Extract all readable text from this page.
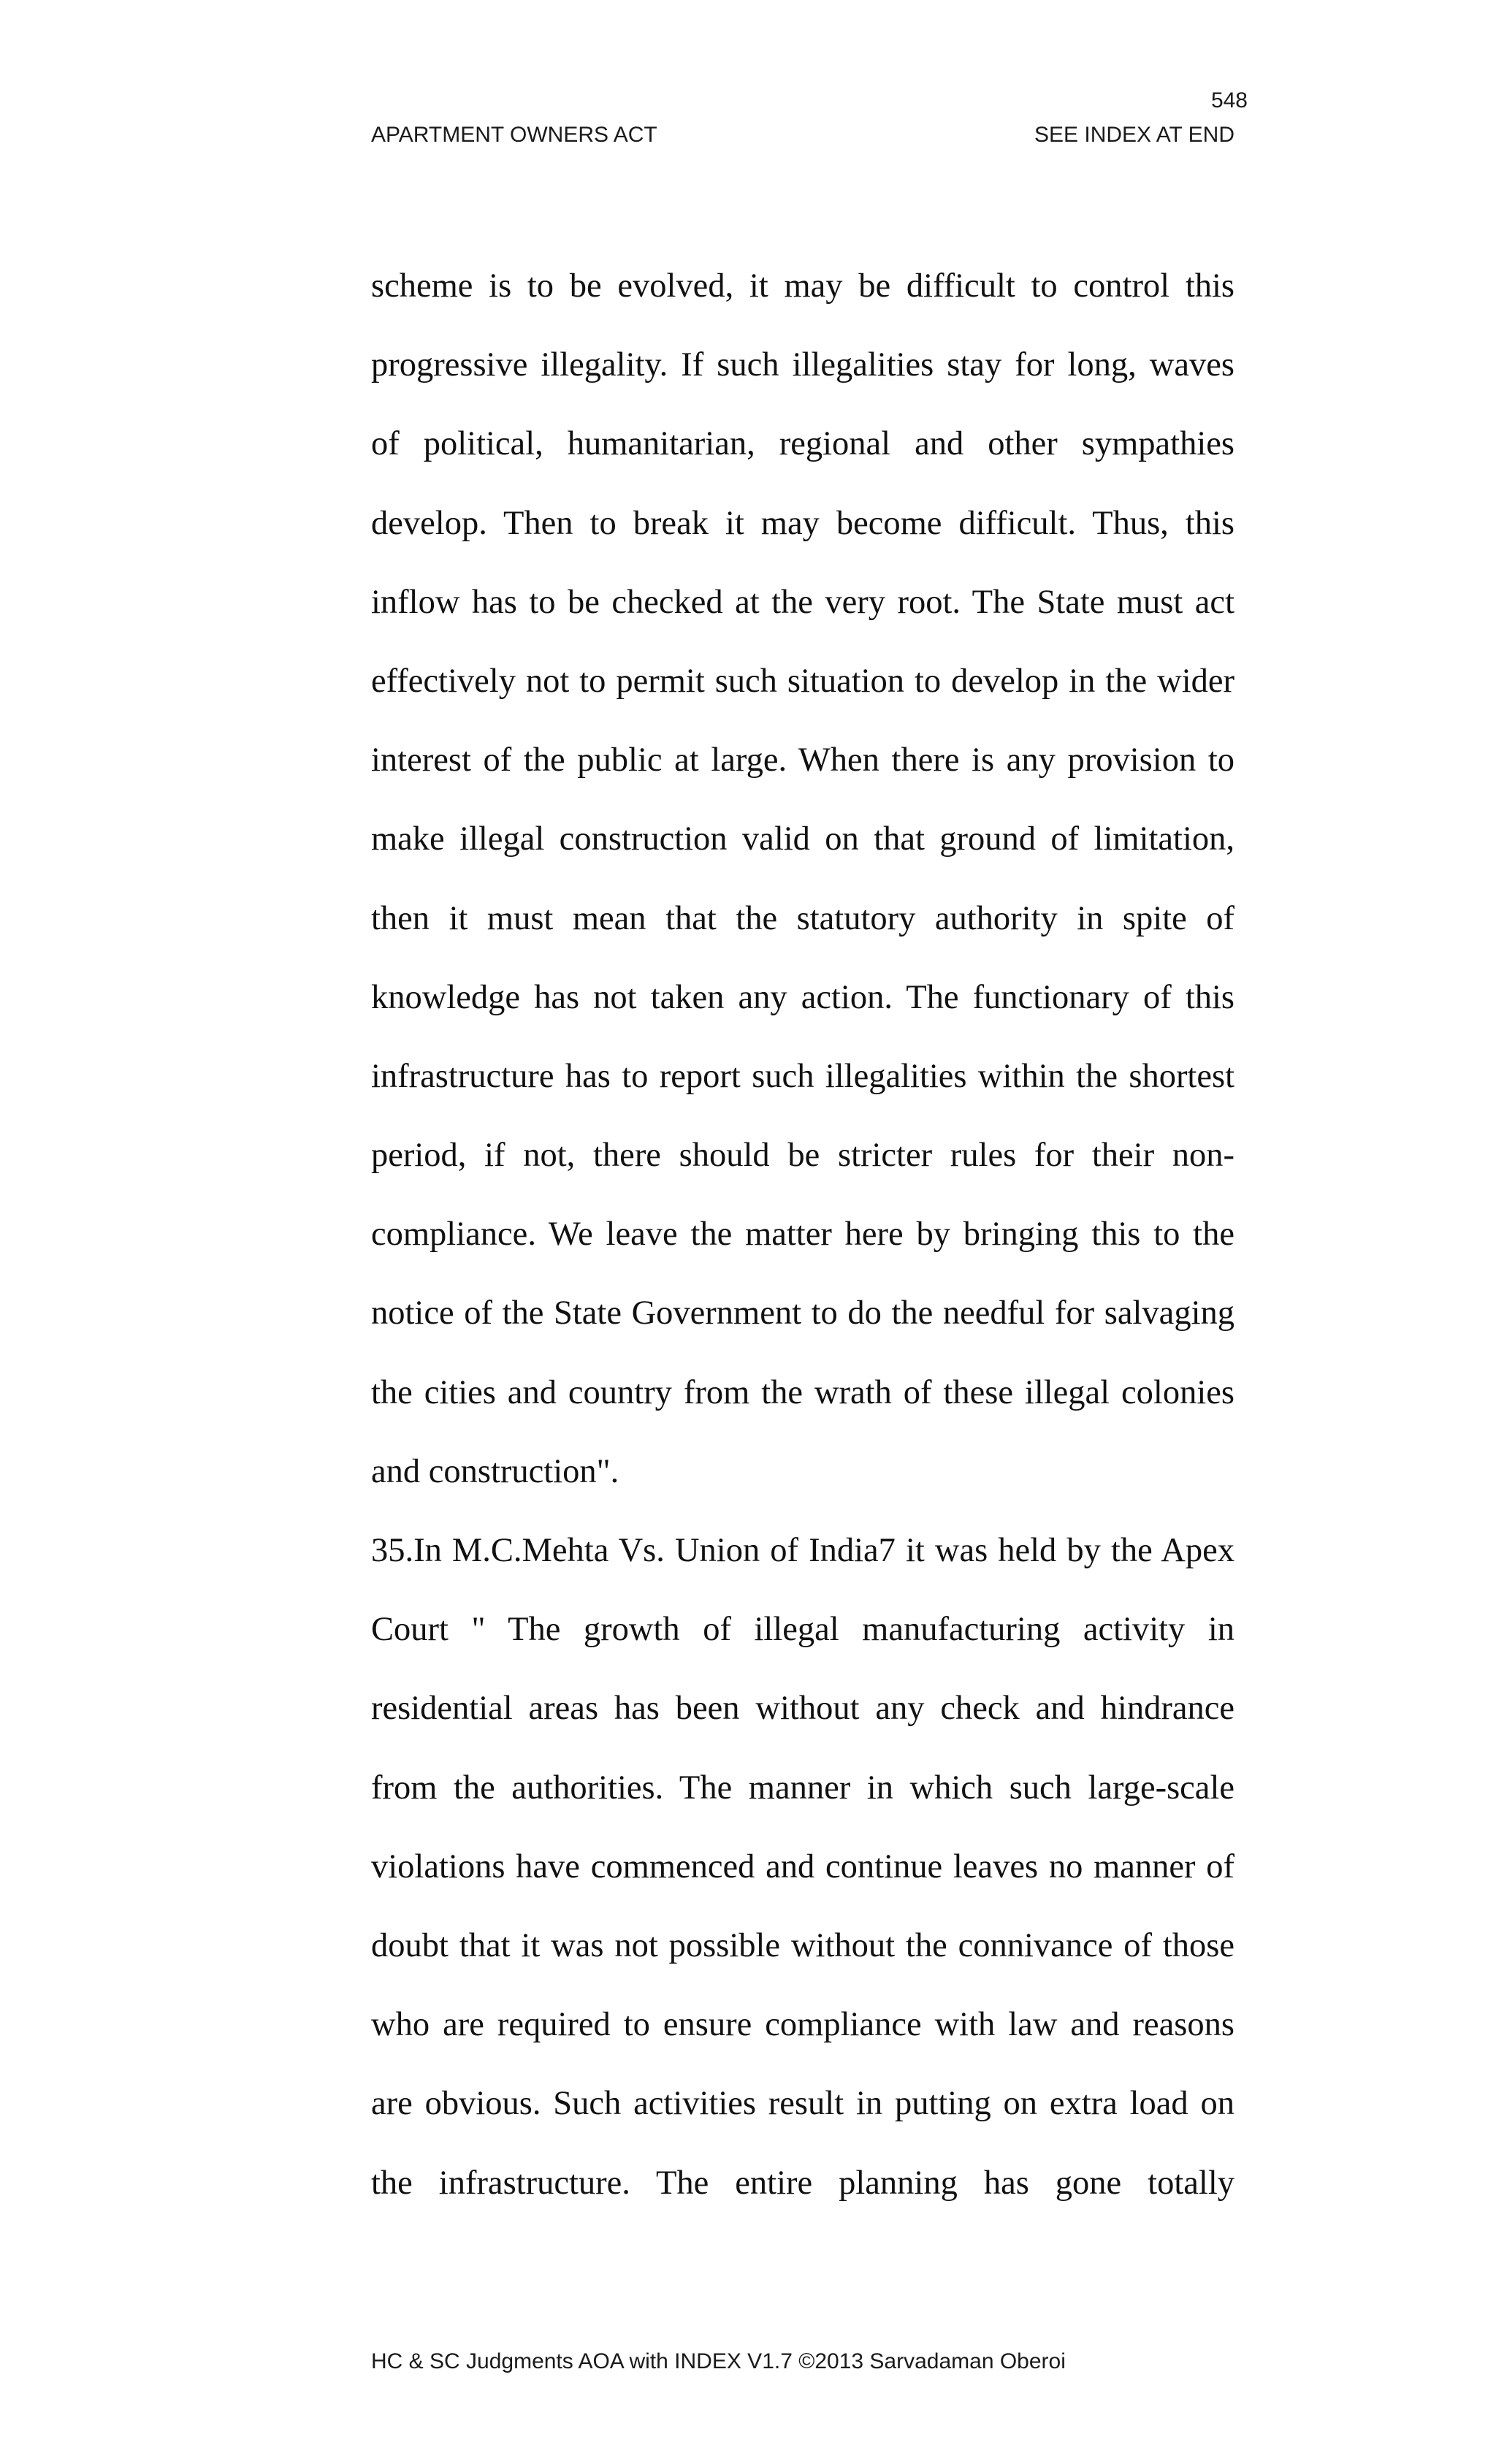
548
APARTMENT OWNERS ACT	SEE INDEX AT END
scheme is to be evolved, it may be difficult to control this
progressive illegality. If such illegalities stay for long, waves
of political, humanitarian, regional and other sympathies
develop. Then to break it may become difficult. Thus, this
inflow has to be checked at the very root. The State must act
effectively not to permit such situation to develop in the wider
interest of the public at large. When there is any provision to
make illegal construction valid on that ground of limitation,
then it must mean that the statutory authority in spite of
knowledge has not taken any action. The functionary of this
infrastructure has to report such illegalities within the shortest
period, if not, there should be stricter rules for their non-
compliance. We leave the matter here by bringing this to the
notice of the State Government to do the needful for salvaging
the cities and country from the wrath of these illegal colonies
and construction".
35.In M.C.Mehta Vs. Union of India7 it was held by the Apex
Court " The growth of illegal manufacturing activity in
residential areas has been without any check and hindrance
from the authorities. The manner in which such large-scale
violations have commenced and continue leaves no manner of
doubt that it was not possible without the connivance of those
who are required to ensure compliance with law and reasons
are obvious. Such activities result in putting on extra load on
the infrastructure. The entire planning has gone totally
HC & SC Judgments AOA with INDEX V1.7 ©2013 Sarvadaman Oberoi
